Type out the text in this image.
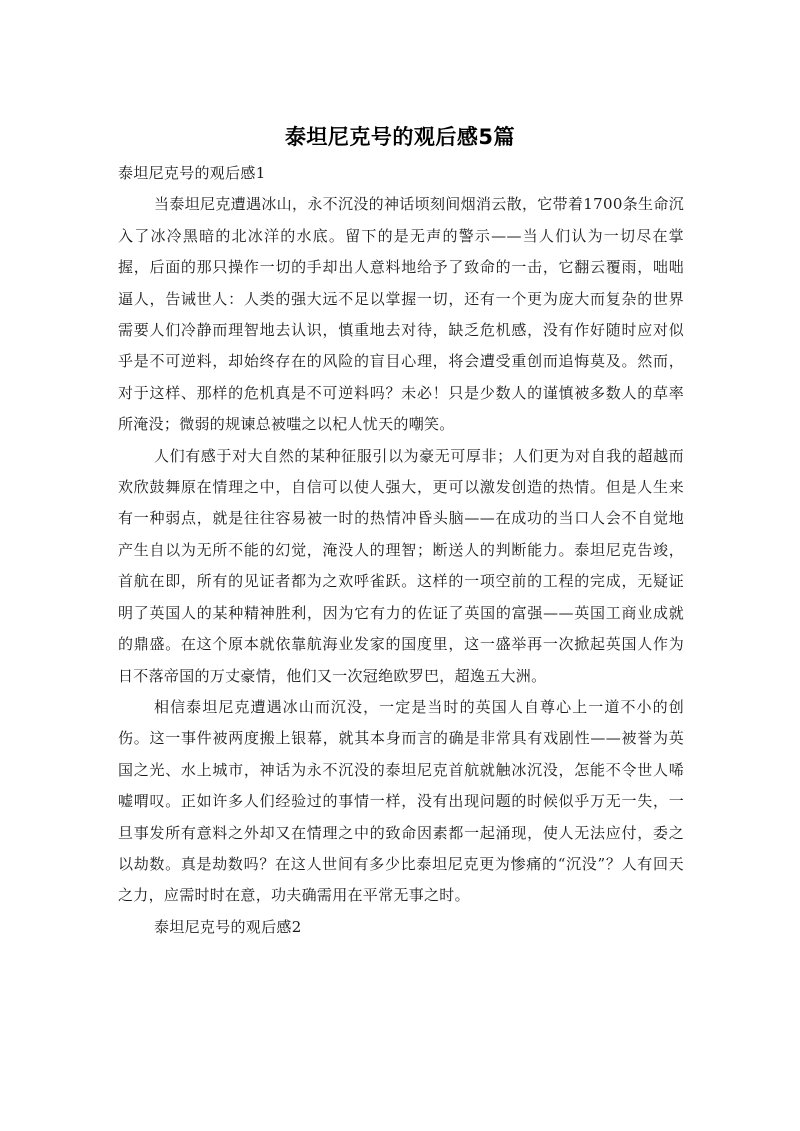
泰坦尼克号的观后感5篇

泰坦尼克号的观后感1

当泰坦尼克遭遇冰山，永不沉没的神话顷刻间烟消云散，它带着1700条生命沉入了冰冷黑暗的北冰洋的水底。留下的是无声的警示——当人们认为一切尽在掌握，后面的那只操作一切的手却出人意料地给予了致命的一击，它翻云覆雨，咄咄逼人，告诫世人：人类的强大远不足以掌握一切，还有一个更为庞大而复杂的世界需要人们冷静而理智地去认识，慎重地去对待，缺乏危机感，没有作好随时应对似乎是不可逆料，却始终存在的风险的盲目心理，将会遭受重创而追悔莫及。然而，对于这样、那样的危机真是不可逆料吗？未必！只是少数人的谨慎被多数人的草率所淹没；微弱的规谏总被嗤之以杞人忧天的嘲笑。

人们有感于对大自然的某种征服引以为豪无可厚非；人们更为对自我的超越而欢欣鼓舞原在情理之中，自信可以使人强大，更可以激发创造的热情。但是人生来有一种弱点，就是往往容易被一时的热情冲昏头脑——在成功的当口人会不自觉地产生自以为无所不能的幻觉，淹没人的理智；断送人的判断能力。泰坦尼克告竣，首航在即，所有的见证者都为之欢呼雀跃。这样的一项空前的工程的完成，无疑证明了英国人的某种精神胜利，因为它有力的佐证了英国的富强——英国工商业成就的鼎盛。在这个原本就依靠航海业发家的国度里，这一盛举再一次掀起英国人作为日不落帝国的万丈豪情，他们又一次冠绝欧罗巴，超逸五大洲。

相信泰坦尼克遭遇冰山而沉没，一定是当时的英国人自尊心上一道不小的创伤。这一事件被两度搬上银幕，就其本身而言的确是非常具有戏剧性——被誉为英国之光、水上城市，神话为永不沉没的泰坦尼克首航就触冰沉没，怎能不令世人唏嘘喟叹。正如许多人们经验过的事情一样，没有出现问题的时候似乎万无一失，一旦事发所有意料之外却又在情理之中的致命因素都一起涌现，使人无法应付，委之以劫数。真是劫数吗？在这人世间有多少比泰坦尼克更为惨痛的“沉没”？人有回天之力，应需时时在意，功夫确需用在平常无事之时。

泰坦尼克号的观后感2
